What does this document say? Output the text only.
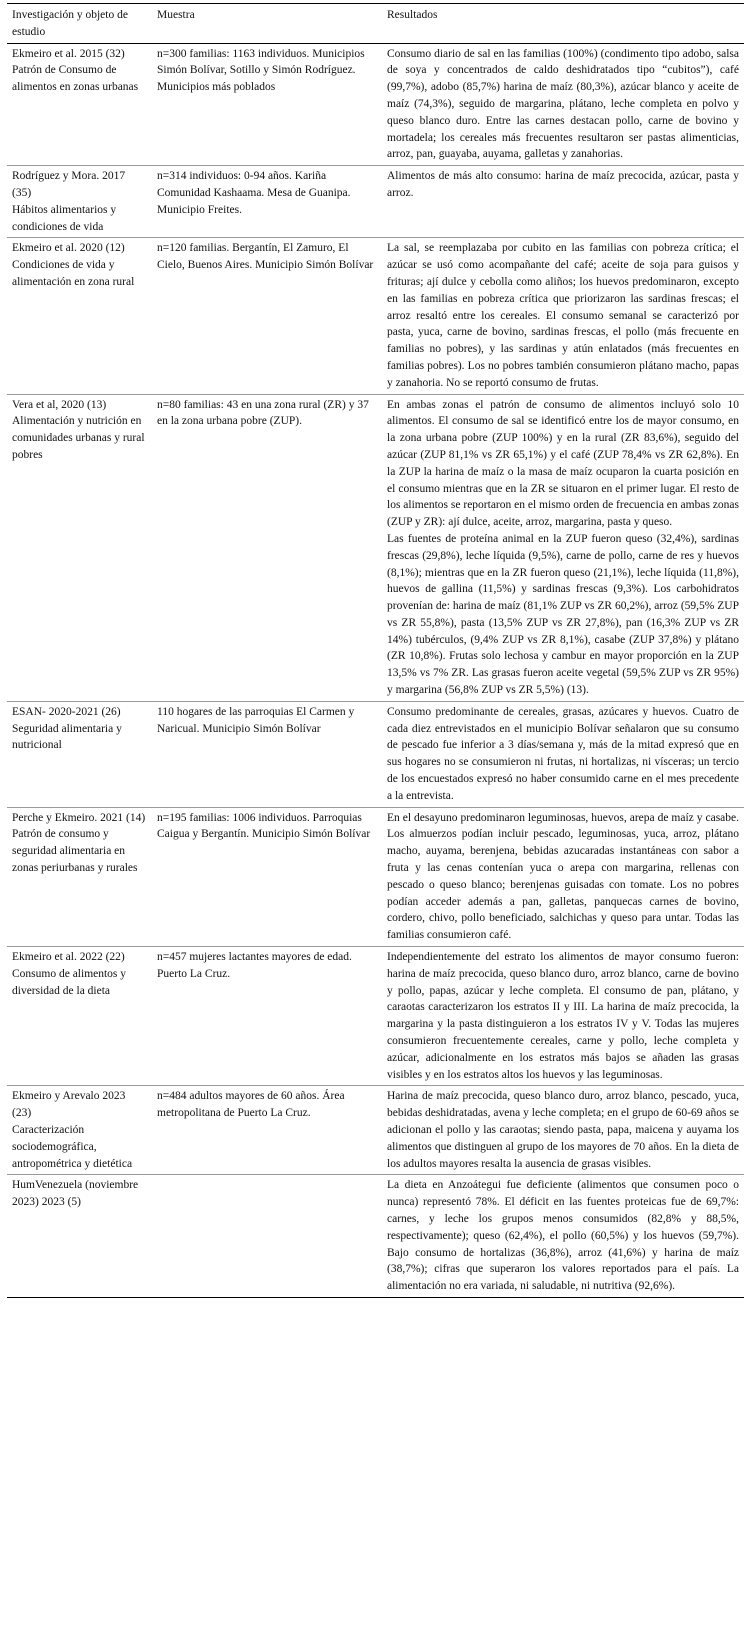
Investigación y objeto de estudio	Muestra	Resultados

Ekmeiro et al. 2015 (32)
Patrón de Consumo de alimentos en zonas urbanas	n=300 familias: 1163 individuos. Municipios Simón Bolívar, Sotillo y Simón Rodríguez. Municipios más poblados	Consumo diario de sal en las familias (100%) (condimento tipo adobo, salsa de soya y concentrados de caldo deshidratados tipo “cubitos”), café (99,7%), adobo (85,7%) harina de maíz (80,3%), azúcar blanco y aceite de maíz (74,3%), seguido de margarina, plátano, leche completa en polvo y queso blanco duro. Entre las carnes destacan pollo, carne de bovino y mortadela; los cereales más frecuentes resultaron ser pastas alimenticias, arroz, pan, guayaba, auyama, galletas y zanahorias.

Rodríguez y Mora. 2017 (35)
Hábitos alimentarios y condiciones de vida	n=314 individuos: 0-94 años. Kariña Comunidad Kashaama. Mesa de Guanipa. Municipio Freites.	Alimentos de más alto consumo: harina de maíz precocida, azúcar, pasta y arroz.

Ekmeiro et al. 2020 (12)
Condiciones de vida y alimentación en zona rural	n=120 familias. Bergantín, El Zamuro, El Cielo, Buenos Aires. Municipio Simón Bolívar	La sal, se reemplazaba por cubito en las familias con pobreza crítica; el azúcar se usó como acompañante del café; aceite de soja para guisos y frituras; ají dulce y cebolla como aliños; los huevos predominaron, excepto en las familias en pobreza crítica que priorizaron las sardinas frescas; el arroz resaltó entre los cereales. El consumo semanal se caracterizó por pasta, yuca, carne de bovino, sardinas frescas, el pollo (más frecuente en familias no pobres), y las sardinas y atún enlatados (más frecuentes en familias pobres). Los no pobres también consumieron plátano macho, papas y zanahoria. No se reportó consumo de frutas.

Vera et al, 2020 (13)
Alimentación y nutrición en comunidades urbanas y rural pobres	n=80 familias: 43 en una zona rural (ZR) y 37 en la zona urbana pobre (ZUP).	En ambas zonas el patrón de consumo de alimentos incluyó solo 10 alimentos. El consumo de sal se identificó entre los de mayor consumo, en la zona urbana pobre (ZUP 100%) y en la rural (ZR 83,6%), seguido del azúcar (ZUP 81,1% vs ZR 65,1%) y el café (ZUP 78,4% vs ZR 62,8%). En la ZUP la harina de maíz o la masa de maíz ocuparon la cuarta posición en el consumo mientras que en la ZR se situaron en el primer lugar. El resto de los alimentos se reportaron en el mismo orden de frecuencia en ambas zonas (ZUP y ZR): ají dulce, aceite, arroz, margarina, pasta y queso.
Las fuentes de proteína animal en la ZUP fueron queso (32,4%), sardinas frescas (29,8%), leche líquida (9,5%), carne de pollo, carne de res y huevos (8,1%); mientras que en la ZR fueron queso (21,1%), leche líquida (11,8%), huevos de gallina (11,5%) y sardinas frescas (9,3%). Los carbohidratos provenían de: harina de maíz (81,1% ZUP vs ZR 60,2%), arroz (59,5% ZUP vs ZR 55,8%), pasta (13,5% ZUP vs ZR 27,8%), pan (16,3% ZUP vs ZR 14%) tubérculos, (9,4% ZUP vs ZR 8,1%), casabe (ZUP 37,8%) y plátano (ZR 10,8%). Frutas solo lechosa y cambur en mayor proporción en la ZUP 13,5% vs 7% ZR. Las grasas fueron aceite vegetal (59,5% ZUP vs ZR 95%) y margarina (56,8% ZUP vs ZR 5,5%) (13).

ESAN- 2020-2021 (26)
Seguridad alimentaria y nutricional	110 hogares de las parroquias El Carmen y Naricual. Municipio Simón Bolívar	Consumo predominante de cereales, grasas, azúcares y huevos. Cuatro de cada diez entrevistados en el municipio Bolívar señalaron que su consumo de pescado fue inferior a 3 días/semana y, más de la mitad expresó que en sus hogares no se consumieron ni frutas, ni hortalizas, ni vísceras; un tercio de los encuestados expresó no haber consumido carne en el mes precedente a la entrevista.

Perche y Ekmeiro. 2021 (14)
Patrón de consumo y seguridad alimentaria en zonas periurbanas y rurales	n=195 familias: 1006 individuos. Parroquias Caigua y Bergantín. Municipio Simón Bolívar	En el desayuno predominaron leguminosas, huevos, arepa de maíz y casabe. Los almuerzos podían incluir pescado, leguminosas, yuca, arroz, plátano macho, auyama, berenjena, bebidas azucaradas instantáneas con sabor a fruta y las cenas contenían yuca o arepa con margarina, rellenas con pescado o queso blanco; berenjenas guisadas con tomate. Los no pobres podían acceder además a pan, galletas, panquecas carnes de bovino, cordero, chivo, pollo beneficiado, salchichas y queso para untar. Todas las familias consumieron café.

Ekmeiro et al. 2022 (22)
Consumo de alimentos y diversidad de la dieta	n=457 mujeres lactantes mayores de edad. Puerto La Cruz.	Independientemente del estrato los alimentos de mayor consumo fueron: harina de maíz precocida, queso blanco duro, arroz blanco, carne de bovino y pollo, papas, azúcar y leche completa. El consumo de pan, plátano, y caraotas caracterizaron los estratos II y III. La harina de maíz precocida, la margarina y la pasta distinguieron a los estratos IV y V. Todas las mujeres consumieron frecuentemente cereales, carne y pollo, leche completa y azúcar, adicionalmente en los estratos más bajos se añaden las grasas visibles y en los estratos altos los huevos y las leguminosas.

Ekmeiro y Arevalo 2023 (23)
Caracterización sociodemográfica, antropométrica y dietética	n=484 adultos mayores de 60 años. Área metropolitana de Puerto La Cruz.	Harina de maíz precocida, queso blanco duro, arroz blanco, pescado, yuca, bebidas deshidratadas, avena y leche completa; en el grupo de 60-69 años se adicionan el pollo y las caraotas; siendo pasta, papa, maicena y auyama los alimentos que distinguen al grupo de los mayores de 70 años. En la dieta de los adultos mayores resalta la ausencia de grasas visibles.

HumVenezuela (noviembre 2023) 2023 (5)		La dieta en Anzoátegui fue deficiente (alimentos que consumen poco o nunca) representó 78%. El déficit en las fuentes proteicas fue de 69,7%: carnes, y leche los grupos menos consumidos (82,8% y 88,5%, respectivamente); queso (62,4%), el pollo (60,5%) y los huevos (59,7%). Bajo consumo de hortalizas (36,8%), arroz (41,6%) y harina de maíz (38,7%); cifras que superaron los valores reportados para el país. La alimentación no era variada, ni saludable, ni nutritiva (92,6%).
